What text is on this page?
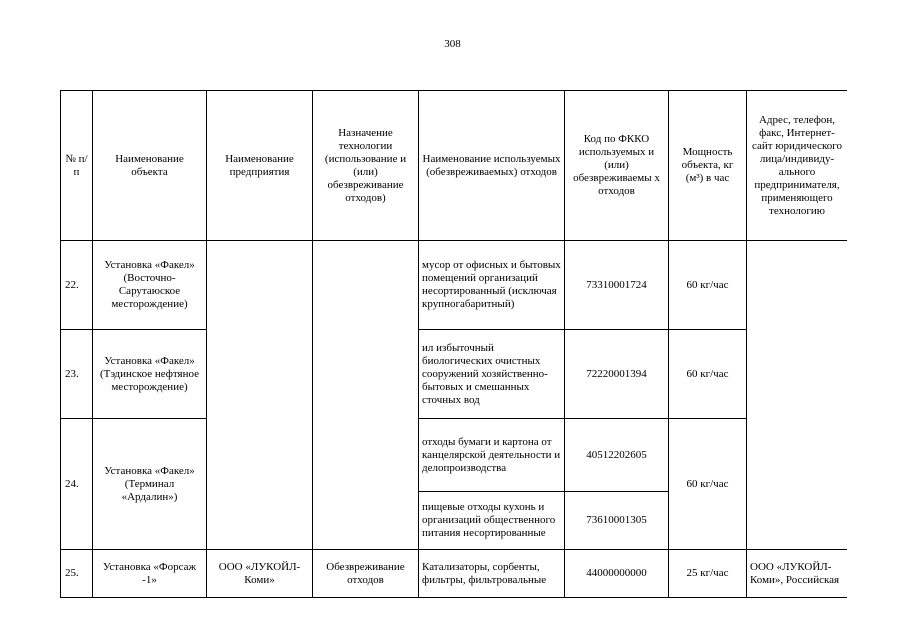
308
№ п/п	Наименование объекта	Наименование предприятия	Назначение технологии (использование и (или) обезвреживание отходов)	Наименование используемых (обезвреживаемых) отходов	Код по ФККО используемых и (или) обезвреживаемы х отходов	Мощность объекта, кг (м³) в час	Адрес, телефон, факс, Интернет-сайт юридического лица/индивиду-ального предпринимателя, применяющего технологию
22.	Установка «Факел» (Восточно-Сарутаюское месторождение)			мусор от офисных и бытовых помещений организаций несортированный (исключая крупногабаритный)	73310001724	60 кг/час	
23.	Установка «Факел» (Тэдинское нефтяное месторождение)			ил избыточный биологических очистных сооружений хозяйственно-бытовых и смешанных сточных вод	72220001394	60 кг/час	
24.	Установка «Факел» (Терминал «Ардалин»)			отходы бумаги и картона от канцелярской деятельности и делопроизводства	40512202605	60 кг/час	
				пищевые отходы кухонь и организаций общественного питания несортированные	73610001305		
25.	Установка «Форсаж -1»	ООО «ЛУКОЙЛ-Коми»	Обезвреживание отходов	Катализаторы, сорбенты, фильтры, фильтровальные	44000000000	25 кг/час	ООО «ЛУКОЙЛ-Коми», Российская
